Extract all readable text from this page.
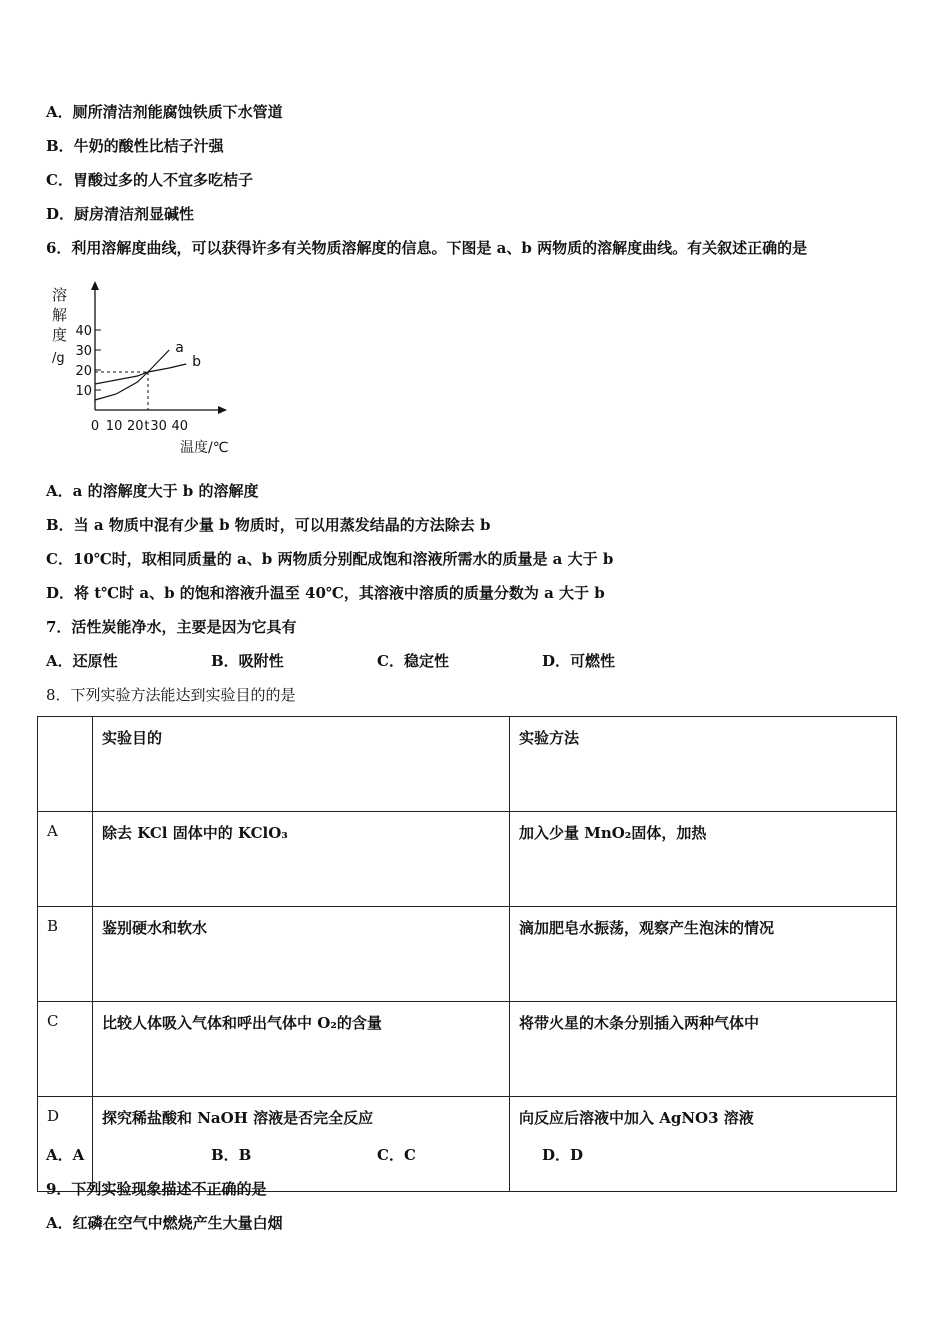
A．厕所清洁剂能腐蚀铁质下水管道
B．牛奶的酸性比桔子汁强
C．胃酸过多的人不宜多吃桔子
D．厨房清洁剂显碱性
6．利用溶解度曲线，可以获得许多有关物质溶解度的信息。下图是 a、b 两物质的溶解度曲线。有关叙述正确的是
溶
解
度
/g
10
20
30
40
0 10 20 t 30 40
a
b
温度/℃
A．a 的溶解度大于 b 的溶解度
B．当 a 物质中混有少量 b 物质时，可以用蒸发结晶的方法除去 b
C．10℃时，取相同质量的 a、b 两物质分别配成饱和溶液所需水的质量是 a 大于 b
D．将 t℃时 a、b 的饱和溶液升温至 40℃，其溶液中溶质的质量分数为 a 大于 b
7．活性炭能净水，主要是因为它具有
A．还原性	B．吸附性	C．稳定性	D．可燃性
8．下列实验方法能达到实验目的的是
	实验目的	实验方法
A	除去 KCl 固体中的 KClO₃	加入少量 MnO₂固体，加热
B	鉴别硬水和软水	滴加肥皂水振荡，观察产生泡沫的情况
C	比较人体吸入气体和呼出气体中 O₂的含量	将带火星的木条分别插入两种气体中
D	探究稀盐酸和 NaOH 溶液是否完全反应	向反应后溶液中加入 AgNO3 溶液
A．A	B．B	C．C	D．D
9．下列实验现象描述不正确的是
A．红磷在空气中燃烧产生大量白烟
